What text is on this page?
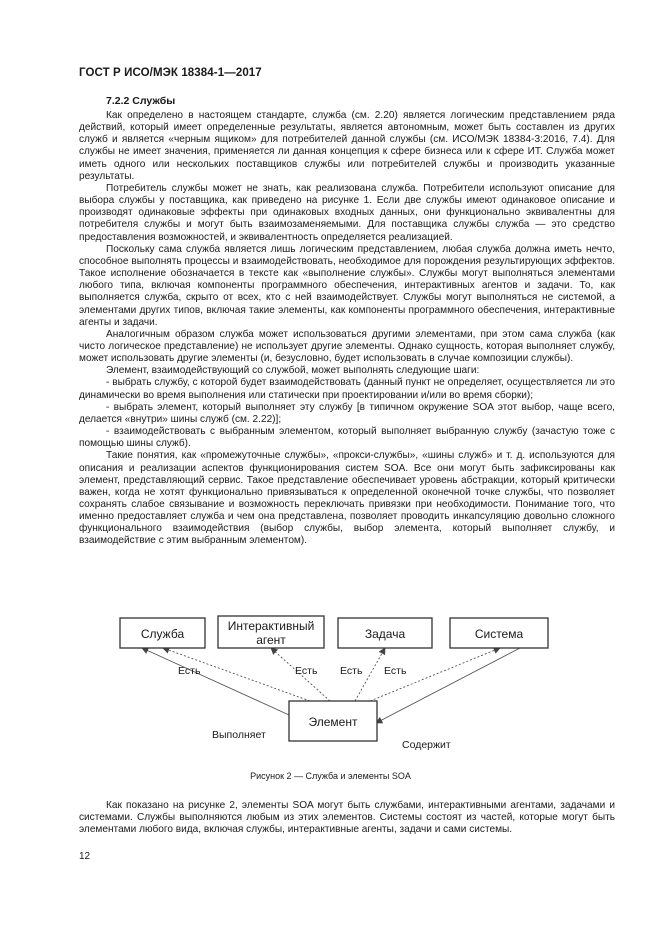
ГОСТ Р ИСО/МЭК 18384-1—2017
7.2.2 Службы

Как определено в настоящем стандарте, служба (см. 2.20) является логическим представлением ряда действий, который имеет определенные результаты, является автономным, может быть составлен из других служб и является «черным ящиком» для потребителей данной службы (см. ИСО/МЭК 18384-3:2016, 7.4). Для службы не имеет значения, применяется ли данная концепция к сфере бизнеса или к сфере ИТ. Служба может иметь одного или нескольких поставщиков службы или потребителей службы и производить указанные результаты.

Потребитель службы может не знать, как реализована служба. Потребители используют описание для выбора службы у поставщика, как приведено на рисунке 1. Если две службы имеют одинаковое описание и производят одинаковые эффекты при одинаковых входных данных, они функционально эквивалентны для потребителя службы и могут быть взаимозаменяемыми. Для поставщика службы служба — это средство предоставления возможностей, и эквивалентность определяется реализацией.

Поскольку сама служба является лишь логическим представлением, любая служба должна иметь нечто, способное выполнять процессы и взаимодействовать, необходимое для порождения результирующих эффектов. Такое исполнение обозначается в тексте как «выполнение службы». Службы могут выполняться элементами любого типа, включая компоненты программного обеспечения, интерактивных агентов и задачи. То, как выполняется служба, скрыто от всех, кто с ней взаимодействует. Службы могут выполняться не системой, а элементами других типов, включая такие элементы, как компоненты программного обеспечения, интерактивные агенты и задачи.

Аналогичным образом служба может использоваться другими элементами, при этом сама служба (как чисто логическое представление) не использует другие элементы. Однако сущность, которая выполняет службу, может использовать другие элементы (и, безусловно, будет использовать в случае композиции службы).

Элемент, взаимодействующий со службой, может выполнять следующие шаги:

- выбрать службу, с которой будет взаимодействовать (данный пункт не определяет, осуществляется ли это динамически во время выполнения или статически при проектировании и/или во время сборки);

- выбрать элемент, который выполняет эту службу [в типичном окружение SOA этот выбор, чаще всего, делается «внутри» шины служб (см. 2.22)];

- взаимодействовать с выбранным элементом, который выполняет выбранную службу (зачастую тоже с помощью шины служб).

Такие понятия, как «промежуточные службы», «прокси-службы», «шины служб» и т. д. используются для описания и реализации аспектов функционирования систем SOA. Все они могут быть зафиксированы как элемент, представляющий сервис. Такое представление обеспечивает уровень абстракции, который критически важен, когда не хотят функционально привязываться к определенной оконечной точке службы, что позволяет сохранять слабое связывание и возможность переключать привязки при необходимости. Понимание того, что именно предоставляет служба и чем она представлена, позволяет проводить инкапсуляцию довольно сложного функционального взаимодействия (выбор службы, выбор элемента, который выполняет службу, и взаимодействие с этим выбранным элементом).

Служба
Интерактивный
агент	Задача	Система
Элемент
Есть	Есть Есть Есть
Выполняет
Содержит
Рисунок 2 — Служба и элементы SOA

Как показано на рисунке 2, элементы SOA могут быть службами, интерактивными агентами, задачами и системами. Службы выполняются любым из этих элементов. Системы состоят из частей, которые могут быть элементами любого вида, включая службы, интерактивные агенты, задачи и сами системы.

12
